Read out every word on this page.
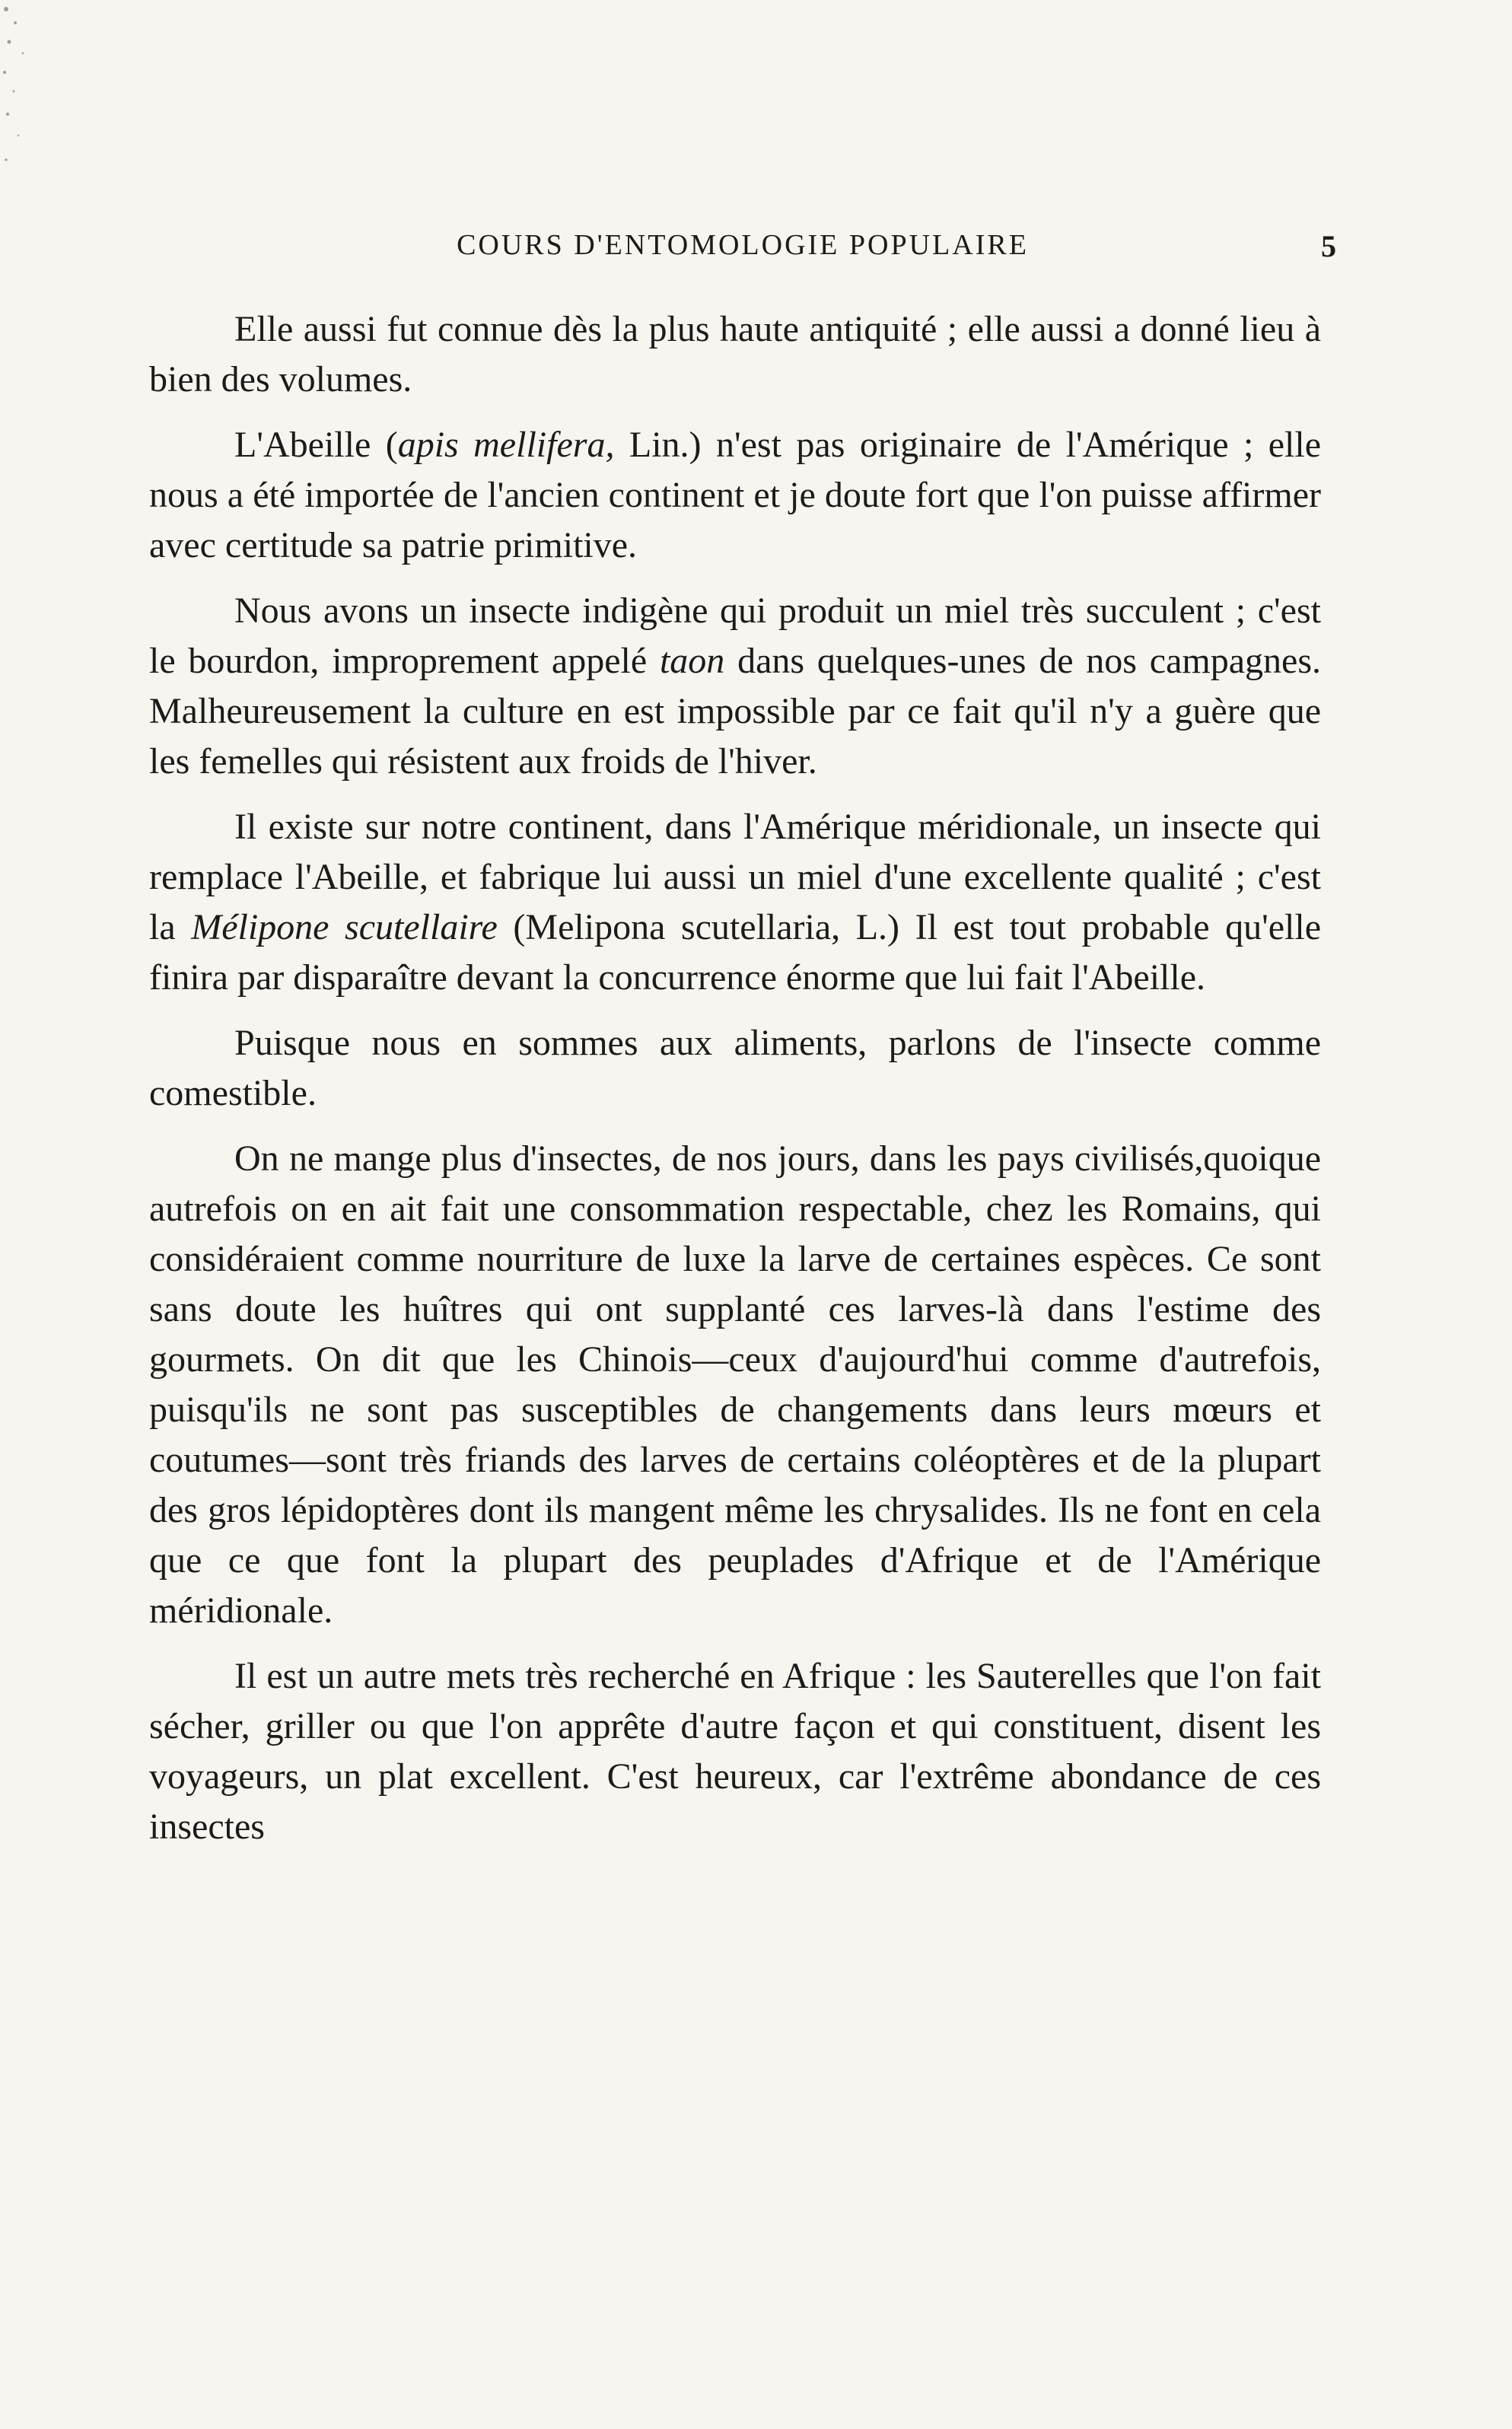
COURS D'ENTOMOLOGIE POPULAIRE	5

Elle aussi fut connue dès la plus haute antiquité ; elle aussi a donné lieu à bien des volumes.

L'Abeille (apis mellifera, Lin.) n'est pas originaire de l'Amérique ; elle nous a été importée de l'ancien continent et je doute fort que l'on puisse affirmer avec certitude sa patrie primitive.

Nous avons un insecte indigène qui produit un miel très succulent ; c'est le bourdon, improprement appelé taon dans quelques-unes de nos campagnes. Malheureusement la culture en est impossible par ce fait qu'il n'y a guère que les femelles qui résistent aux froids de l'hiver.

Il existe sur notre continent, dans l'Amérique méridionale, un insecte qui remplace l'Abeille, et fabrique lui aussi un miel d'une excellente qualité ; c'est la Mélipone scutellaire (Melipona scutellaria, L.) Il est tout probable qu'elle finira par disparaître devant la concurrence énorme que lui fait l'Abeille.

Puisque nous en sommes aux aliments, parlons de l'insecte comme comestible.

On ne mange plus d'insectes, de nos jours, dans les pays civilisés,quoique autrefois on en ait fait une consommation respectable, chez les Romains, qui considéraient comme nourriture de luxe la larve de certaines espèces. Ce sont sans doute les huîtres qui ont supplanté ces larves-là dans l'estime des gourmets. On dit que les Chinois—ceux d'aujourd'hui comme d'autrefois, puisqu'ils ne sont pas susceptibles de changements dans leurs mœurs et coutumes—sont très friands des larves de certains coléoptères et de la plupart des gros lépidoptères dont ils mangent même les chrysalides. Ils ne font en cela que ce que font la plupart des peuplades d'Afrique et de l'Amérique méridionale.

Il est un autre mets très recherché en Afrique : les Sauterelles que l'on fait sécher, griller ou que l'on apprête d'autre façon et qui constituent, disent les voyageurs, un plat excellent. C'est heureux, car l'extrême abondance de ces insectes
